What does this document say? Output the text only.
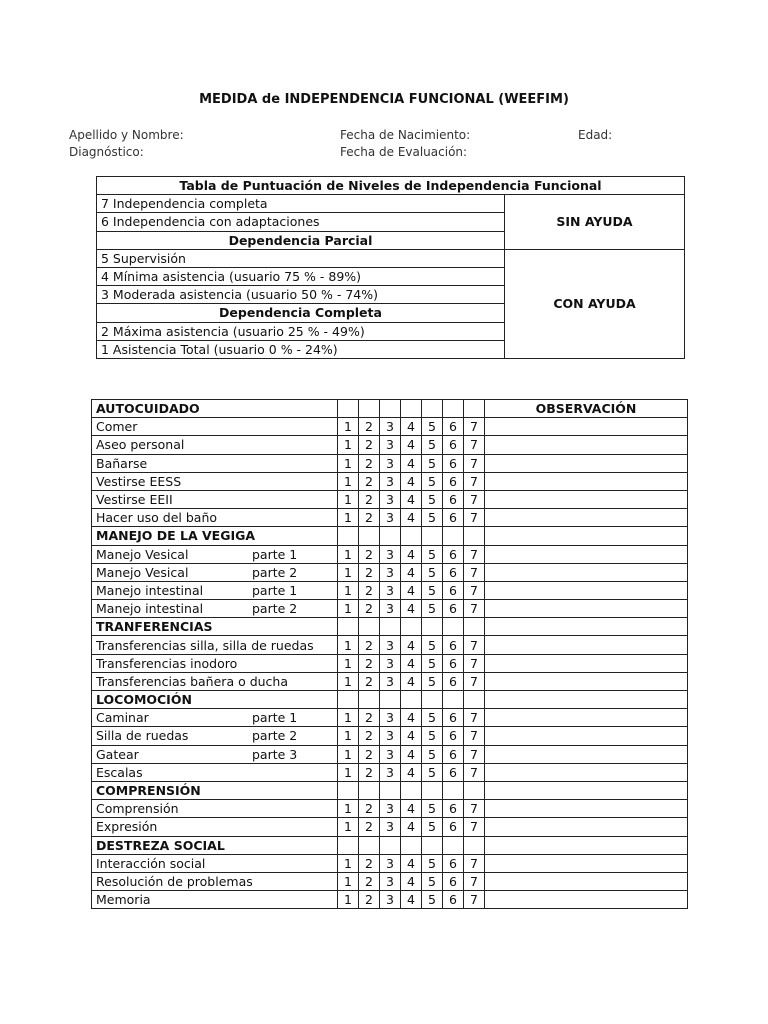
MEDIDA de INDEPENDENCIA FUNCIONAL (WEEFIM)
Apellido y Nombre:	Fecha de Nacimiento:	Edad:
Diagnóstico:	Fecha de Evaluación:
Tabla de Puntuación de Niveles de Independencia Funcional	
7 Independencia completa	SIN AYUDA
6 Independencia con adaptaciones	
Dependencia Parcial	
5 Supervisión	CON AYUDA
4 Mínima asistencia (usuario 75 % - 89%)	
3 Moderada asistencia (usuario 50 % - 74%)	
Dependencia Completa	
2 Máxima asistencia (usuario 25 % - 49%)	
1 Asistencia Total (usuario 0 % - 24%)	
AUTOCUIDADO								OBSERVACIÓN
Comer	1	2	3	4	5	6	7	
Aseo personal	1	2	3	4	5	6	7	
Bañarse	1	2	3	4	5	6	7	
Vestirse EESS	1	2	3	4	5	6	7	
Vestirse EEII	1	2	3	4	5	6	7	
Hacer uso del baño	1	2	3	4	5	6	7	
MANEJO DE LA VEGIGA								
Manejo Vesical parte 1	1	2	3	4	5	6	7	
Manejo Vesical parte 2	1	2	3	4	5	6	7	
Manejo intestinal parte 1	1	2	3	4	5	6	7	
Manejo intestinal parte 2	1	2	3	4	5	6	7	
TRANFERENCIAS								
Transferencias silla, silla de ruedas	1	2	3	4	5	6	7	
Transferencias inodoro	1	2	3	4	5	6	7	
Transferencias bañera o ducha	1	2	3	4	5	6	7	
LOCOMOCIÓN								
Caminar parte 1	1	2	3	4	5	6	7	
Silla de ruedas parte 2	1	2	3	4	5	6	7	
Gatear parte 3	1	2	3	4	5	6	7	
Escalas	1	2	3	4	5	6	7	
COMPRENSIÓN								
Comprensión	1	2	3	4	5	6	7	
Expresión	1	2	3	4	5	6	7	
DESTREZA SOCIAL								
Interacción social	1	2	3	4	5	6	7	
Resolución de problemas	1	2	3	4	5	6	7	
Memoria	1	2	3	4	5	6	7	
